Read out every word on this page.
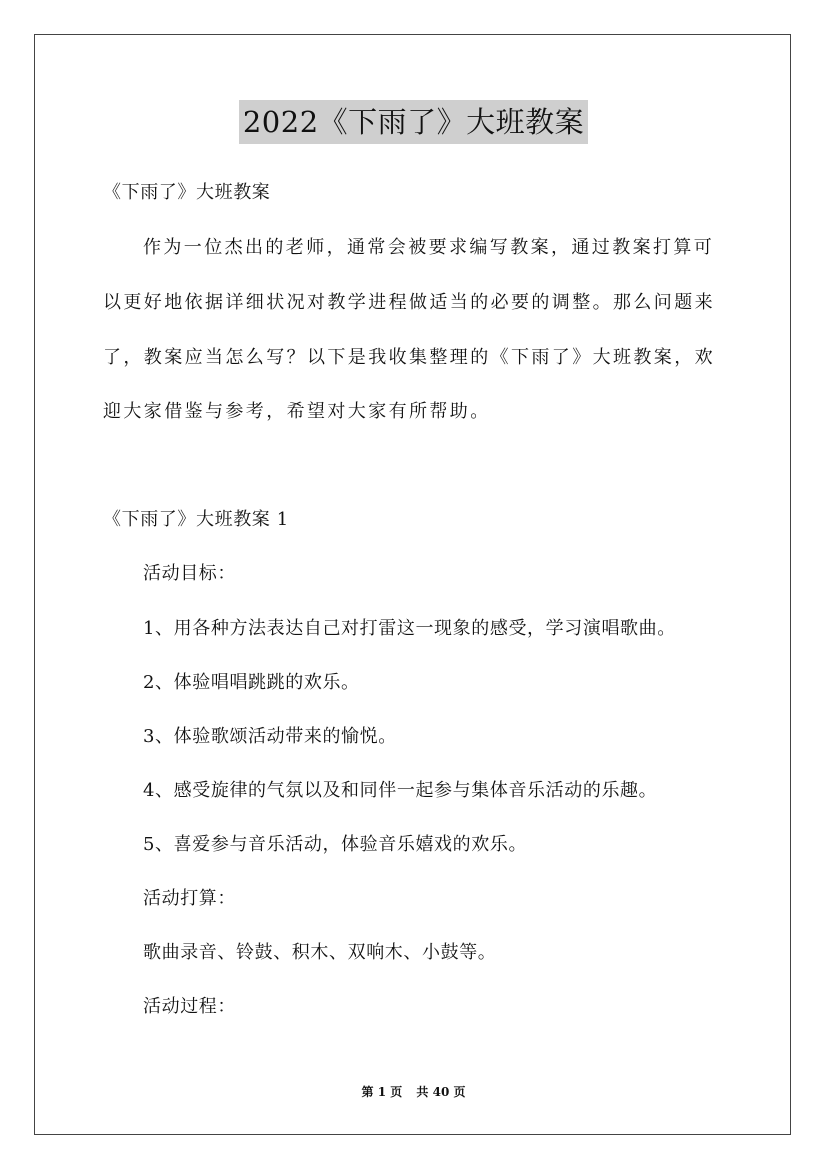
2022《下雨了》大班教案
《下雨了》大班教案
作为一位杰出的老师，通常会被要求编写教案，通过教案打算可
以更好地依据详细状况对教学进程做适当的必要的调整。那么问题来
了，教案应当怎么写？以下是我收集整理的《下雨了》大班教案，欢
迎大家借鉴与参考，希望对大家有所帮助。
《下雨了》大班教案 1
活动目标：
1、用各种方法表达自己对打雷这一现象的感受，学习演唱歌曲。
2、体验唱唱跳跳的欢乐。
3、体验歌颂活动带来的愉悦。
4、感受旋律的气氛以及和同伴一起参与集体音乐活动的乐趣。
5、喜爱参与音乐活动，体验音乐嬉戏的欢乐。
活动打算：
歌曲录音、铃鼓、积木、双响木、小鼓等。
活动过程：
第 1 页 共 40 页
